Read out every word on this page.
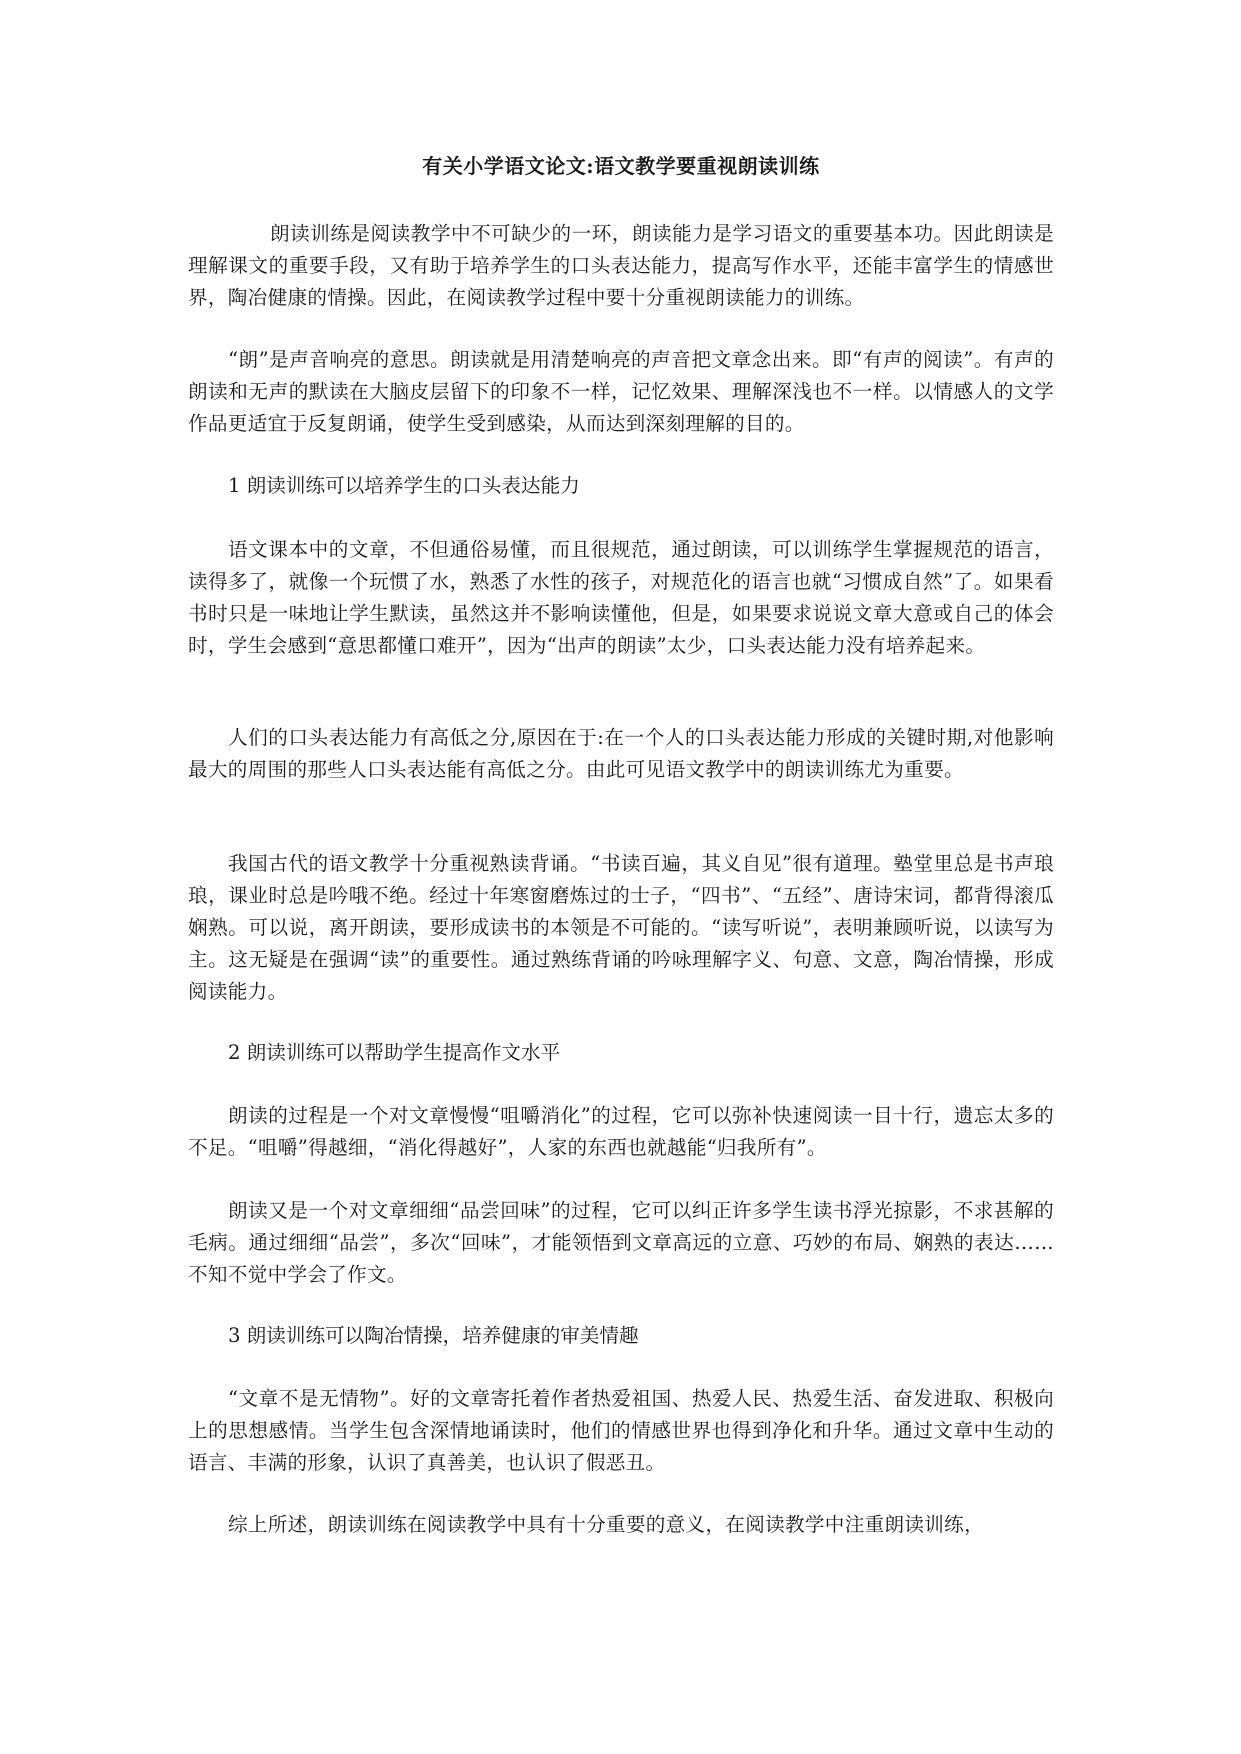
有关小学语文论文:语文教学要重视朗读训练

朗读训练是阅读教学中不可缺少的一环，朗读能力是学习语文的重要基本功。因此朗读是理解课文的重要手段，又有助于培养学生的口头表达能力，提高写作水平，还能丰富学生的情感世界，陶冶健康的情操。因此，在阅读教学过程中要十分重视朗读能力的训练。

“朗”是声音响亮的意思。朗读就是用清楚响亮的声音把文章念出来。即“有声的阅读”。有声的朗读和无声的默读在大脑皮层留下的印象不一样，记忆效果、理解深浅也不一样。以情感人的文学作品更适宜于反复朗诵，使学生受到感染，从而达到深刻理解的目的。

1 朗读训练可以培养学生的口头表达能力

语文课本中的文章，不但通俗易懂，而且很规范，通过朗读，可以训练学生掌握规范的语言，读得多了，就像一个玩惯了水，熟悉了水性的孩子，对规范化的语言也就“习惯成自然”了。如果看书时只是一味地让学生默读，虽然这并不影响读懂他，但是，如果要求说说文章大意或自己的体会时，学生会感到“意思都懂口难开”，因为“出声的朗读”太少，口头表达能力没有培养起来。

人们的口头表达能力有高低之分,原因在于:在一个人的口头表达能力形成的关键时期,对他影响最大的周围的那些人口头表达能有高低之分。由此可见语文教学中的朗读训练尤为重要。

我国古代的语文教学十分重视熟读背诵。“书读百遍，其义自见”很有道理。塾堂里总是书声琅琅，课业时总是吟哦不绝。经过十年寒窗磨炼过的士子，“四书”、“五经”、唐诗宋词，都背得滚瓜娴熟。可以说，离开朗读，要形成读书的本领是不可能的。“读写听说”，表明兼顾听说，以读写为主。这无疑是在强调“读”的重要性。通过熟练背诵的吟咏理解字义、句意、文意，陶冶情操，形成阅读能力。

2 朗读训练可以帮助学生提高作文水平

朗读的过程是一个对文章慢慢“咀嚼消化”的过程，它可以弥补快速阅读一目十行，遗忘太多的不足。“咀嚼”得越细，“消化得越好”，人家的东西也就越能“归我所有”。

朗读又是一个对文章细细“品尝回味”的过程，它可以纠正许多学生读书浮光掠影，不求甚解的毛病。通过细细“品尝”，多次“回味”，才能领悟到文章高远的立意、巧妙的布局、娴熟的表达……不知不觉中学会了作文。

3 朗读训练可以陶冶情操，培养健康的审美情趣

“文章不是无情物”。好的文章寄托着作者热爱祖国、热爱人民、热爱生活、奋发进取、积极向上的思想感情。当学生包含深情地诵读时，他们的情感世界也得到净化和升华。通过文章中生动的语言、丰满的形象，认识了真善美，也认识了假恶丑。

综上所述，朗读训练在阅读教学中具有十分重要的意义，在阅读教学中注重朗读训练，
